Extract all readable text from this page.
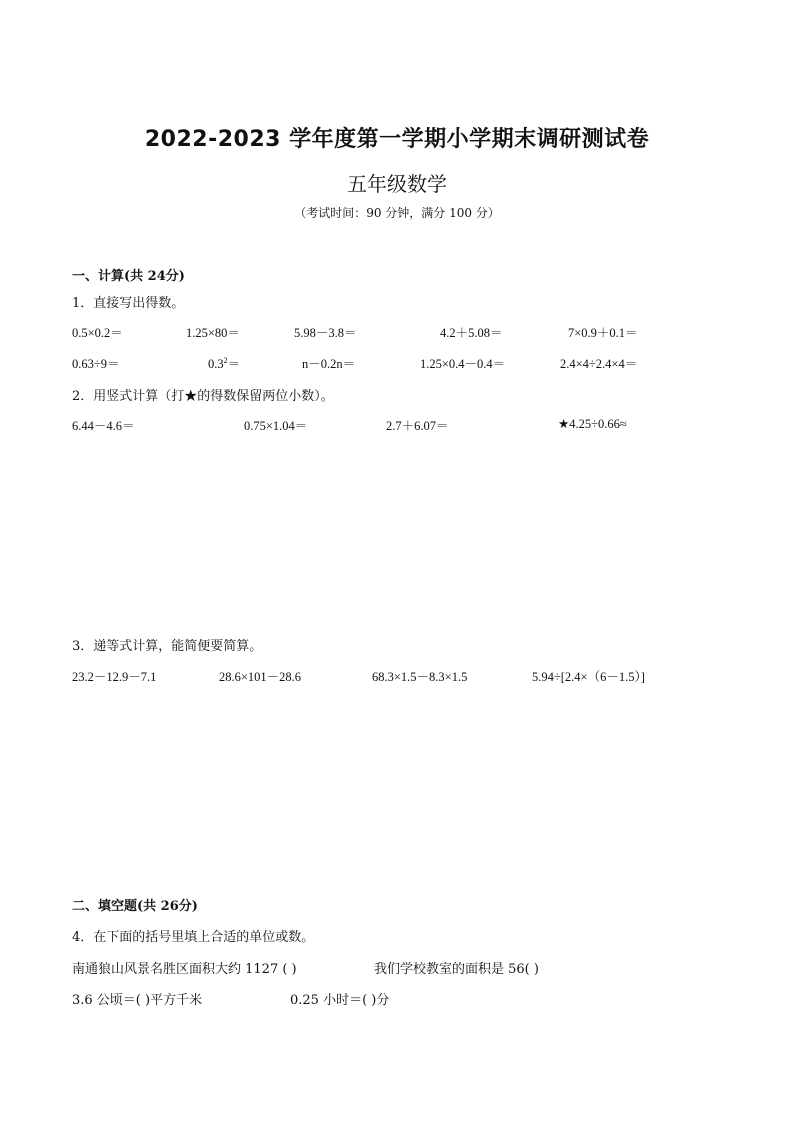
2022-2023 学年度第一学期小学期末调研测试卷
五年级数学
（考试时间：90 分钟，满分 100 分）
一、计算(共 24分)
1．直接写出得数。
0.5×0.2＝	1.25×80＝	5.98－3.8＝	4.2＋5.08＝	7×0.9＋0.1＝
0.63÷9＝	$0.3^2=$	n－0.2n＝	1.25×0.4－0.4＝	2.4×4÷2.4×4＝
2．用竖式计算（打★的得数保留两位小数）。
6.44－4.6＝	0.75×1.04＝	2.7＋6.07＝	★4.25÷0.66≈
3．递等式计算，能简便要简算。
23.2－12.9－7.1	28.6×101－28.6	68.3×1.5－8.3×1.5	5.94÷[2.4×（6－1.5）]
二、填空题(共 26分)
4．在下面的括号里填上合适的单位或数。
南通狼山风景名胜区面积大约 1127 ( )	我们学校教室的面积是 56( )
3.6 公顷＝( )平方千米	0.25 小时＝( )分
